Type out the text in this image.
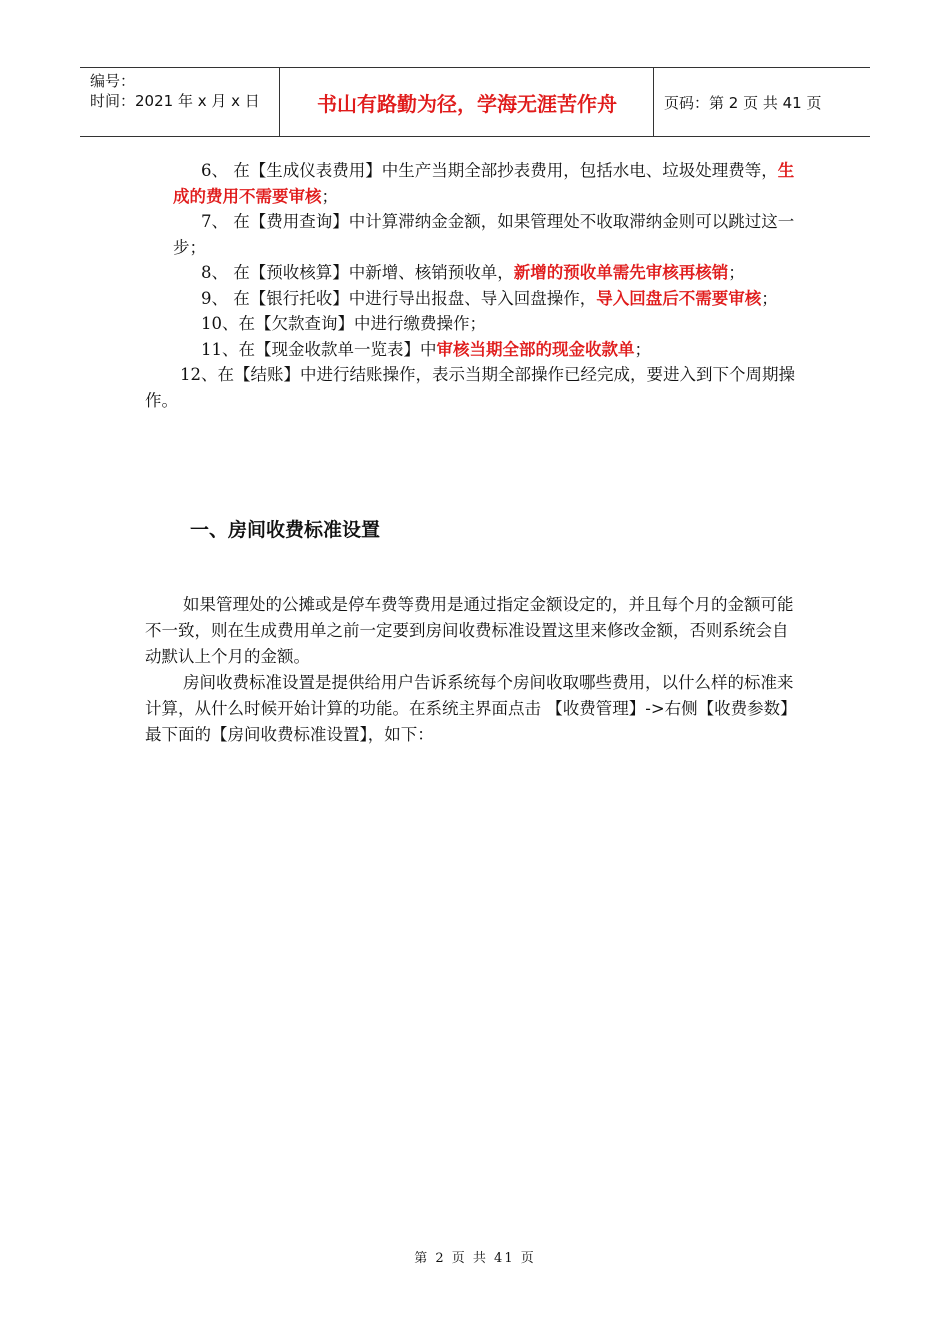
编号：
时间：2021 年 x 月 x 日	书山有路勤为径，学海无涯苦作舟	页码：第 2 页 共 41 页

6、 在【生成仪表费用】中生产当期全部抄表费用，包括水电、垃圾处理费等，生成的费用不需要审核；

7、 在【费用查询】中计算滞纳金金额，如果管理处不收取滞纳金则可以跳过这一步；

8、 在【预收核算】中新增、核销预收单，新增的预收单需先审核再核销；

9、 在【银行托收】中进行导出报盘、导入回盘操作，导入回盘后不需要审核；

10、在【欠款查询】中进行缴费操作；

11、在【现金收款单一览表】中审核当期全部的现金收款单；

12、在【结账】中进行结账操作，表示当期全部操作已经完成，要进入到下个周期操作。

一、房间收费标准设置

如果管理处的公摊或是停车费等费用是通过指定金额设定的，并且每个月的金额可能不一致，则在生成费用单之前一定要到房间收费标准设置这里来修改金额，否则系统会自动默认上个月的金额。

房间收费标准设置是提供给用户告诉系统每个房间收取哪些费用，以什么样的标准来计算，从什么时候开始计算的功能。在系统主界面点击 【收费管理】->右侧【收费参数】最下面的【房间收费标准设置】，如下：

第 2 页 共 41 页
